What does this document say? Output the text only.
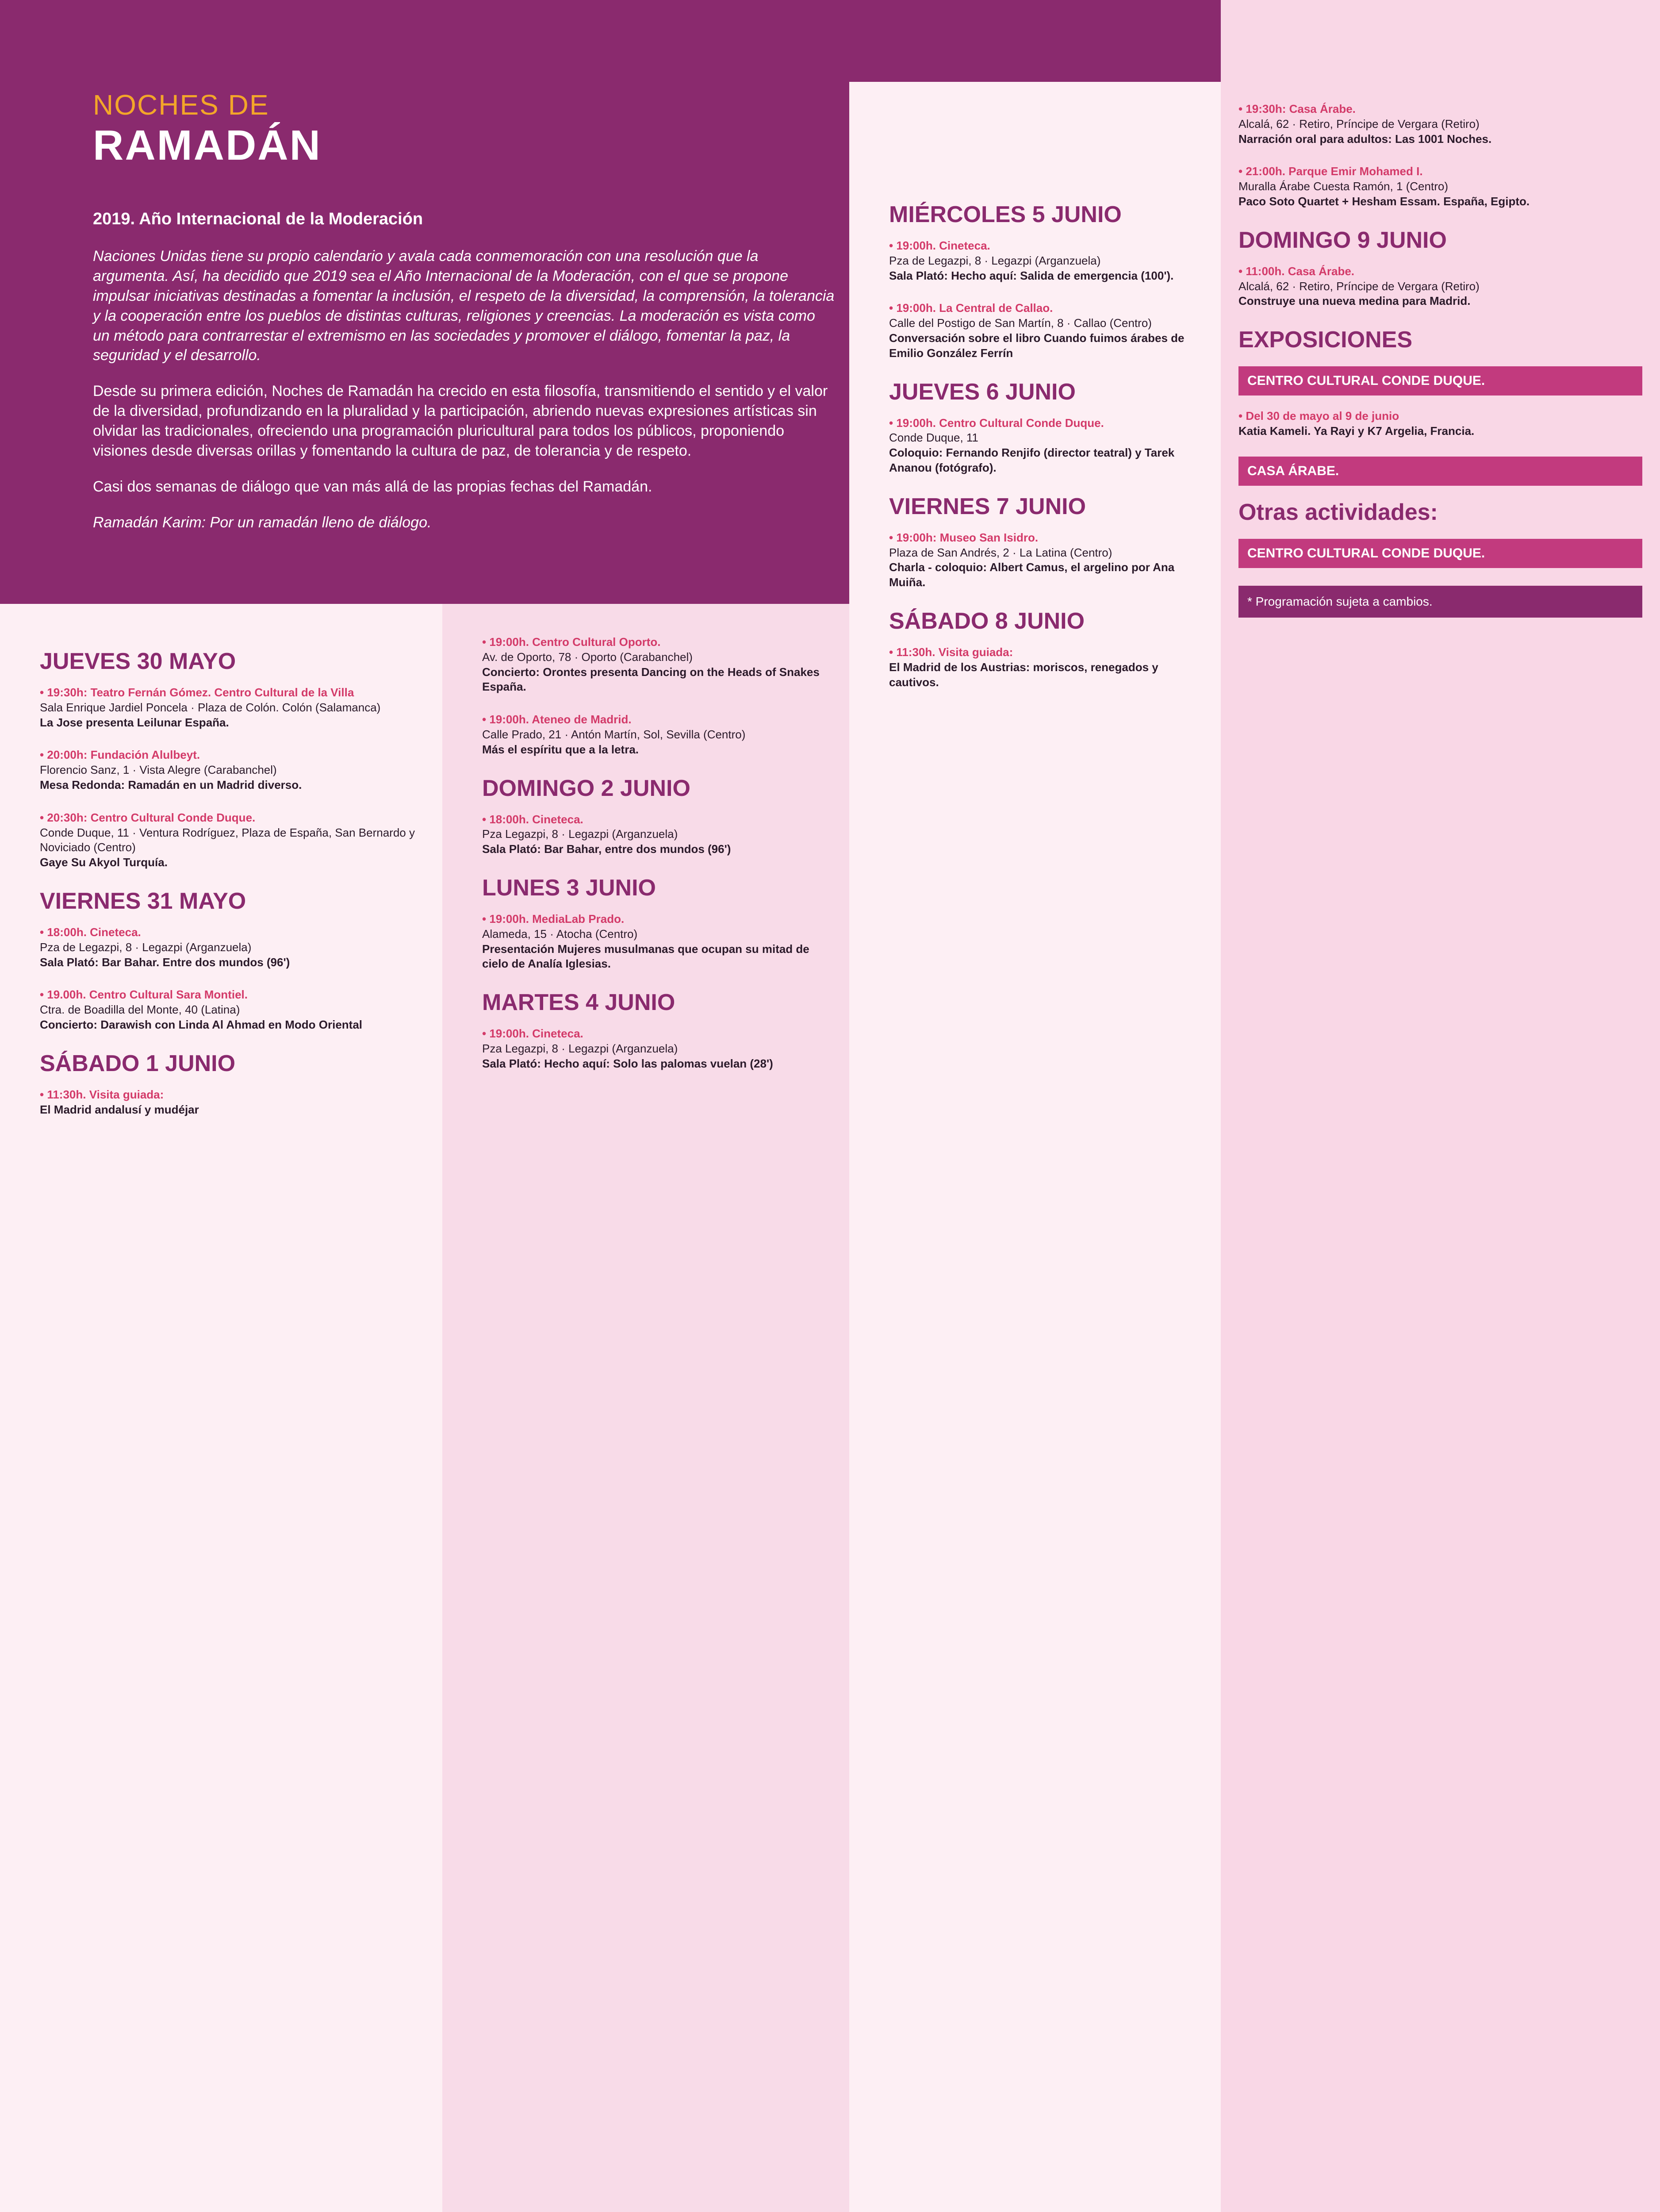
NOCHES DE
RAMADÁN
2019. Año Internacional de la Moderación

Naciones Unidas tiene su propio calendario y avala cada conmemoración con una resolución que la argumenta. Así, ha decidido que 2019 sea el Año Internacional de la Moderación, con el que se propone impulsar iniciativas destinadas a fomentar la inclusión, el respeto de la diversidad, la comprensión, la tolerancia y la cooperación entre los pueblos de distintas culturas, religiones y creencias. La moderación es vista como un método para contrarrestar el extremismo en las sociedades y promover el diálogo, fomentar la paz, la seguridad y el desarrollo.

Desde su primera edición, Noches de Ramadán ha crecido en esta filosofía, transmitiendo el sentido y el valor de la diversidad, profundizando en la pluralidad y la participación, abriendo nuevas expresiones artísticas sin olvidar las tradicionales, ofreciendo una programación pluricultural para todos los públicos, proponiendo visiones desde diversas orillas y fomentando la cultura de paz, de tolerancia y de respeto.

Casi dos semanas de diálogo que van más allá de las propias fechas del Ramadán.

Ramadán Karim: Por un ramadán lleno de diálogo.

• 19:30h: Casa Árabe.
Alcalá, 62 · Retiro, Príncipe de Vergara (Retiro)
Narración oral para adultos: Las 1001 Noches.
• 21:00h. Parque Emir Mohamed I.
Muralla Árabe Cuesta Ramón, 1 (Centro)
Paco Soto Quartet + Hesham Essam. España, Egipto.
DOMINGO 9 JUNIO
• 11:00h. Casa Árabe.
Alcalá, 62 · Retiro, Príncipe de Vergara (Retiro)
Construye una nueva medina para Madrid.
EXPOSICIONES
CENTRO CULTURAL CONDE DUQUE.
• Del 30 de mayo al 9 de junio
Katia Kameli. Ya Rayi y K7 Argelia, Francia.
CASA ÁRABE.
Otras actividades:
CENTRO CULTURAL CONDE DUQUE.
* Programación sujeta a cambios.
JUEVES 30 MAYO
• 19:30h: Teatro Fernán Gómez. Centro Cultural de la Villa
Sala Enrique Jardiel Poncela · Plaza de Colón. Colón (Salamanca)
La Jose presenta Leilunar España.
• 20:00h: Fundación Alulbeyt.
Florencio Sanz, 1 · Vista Alegre (Carabanchel)
Mesa Redonda: Ramadán en un Madrid diverso.
• 20:30h: Centro Cultural Conde Duque.
Conde Duque, 11 · Ventura Rodríguez, Plaza de España, San Bernardo y Noviciado (Centro)
Gaye Su Akyol Turquía.
VIERNES 31 MAYO
• 18:00h. Cineteca.
Pza de Legazpi, 8 · Legazpi (Arganzuela)
Sala Plató: Bar Bahar. Entre dos mundos (96')
• 19.00h. Centro Cultural Sara Montiel.
Ctra. de Boadilla del Monte, 40 (Latina)
Concierto: Darawish con Linda Al Ahmad en Modo Oriental
SÁBADO 1 JUNIO
• 11:30h. Visita guiada:
El Madrid andalusí y mudéjar
• 19:00h. Centro Cultural Oporto.
Av. de Oporto, 78 · Oporto (Carabanchel)
Concierto: Orontes presenta Dancing on the Heads of Snakes España.
• 19:00h. Ateneo de Madrid.
Calle Prado, 21 · Antón Martín, Sol, Sevilla (Centro)
Más el espíritu que a la letra.
DOMINGO 2 JUNIO
• 18:00h. Cineteca.
Pza Legazpi, 8 · Legazpi (Arganzuela)
Sala Plató: Bar Bahar, entre dos mundos (96')
LUNES 3 JUNIO
• 19:00h. MediaLab Prado.
Alameda, 15 · Atocha (Centro)
Presentación Mujeres musulmanas que ocupan su mitad de cielo de Analía Iglesias.
MARTES 4 JUNIO
• 19:00h. Cineteca.
Pza Legazpi, 8 · Legazpi (Arganzuela)
Sala Plató: Hecho aquí: Solo las palomas vuelan (28')
MIÉRCOLES 5 JUNIO
• 19:00h. Cineteca.
Pza de Legazpi, 8 · Legazpi (Arganzuela)
Sala Plató: Hecho aquí: Salida de emergencia (100').
• 19:00h. La Central de Callao.
Calle del Postigo de San Martín, 8 · Callao (Centro)
Conversación sobre el libro Cuando fuimos árabes de Emilio González Ferrín
JUEVES 6 JUNIO
• 19:00h. Centro Cultural Conde Duque.
Conde Duque, 11
Coloquio: Fernando Renjifo (director teatral) y Tarek Ananou (fotógrafo).
VIERNES 7 JUNIO
• 19:00h: Museo San Isidro.
Plaza de San Andrés, 2 · La Latina (Centro)
Charla - coloquio: Albert Camus, el argelino por Ana Muiña.
SÁBADO 8 JUNIO
• 11:30h. Visita guiada:
El Madrid de los Austrias: moriscos, renegados y cautivos.
